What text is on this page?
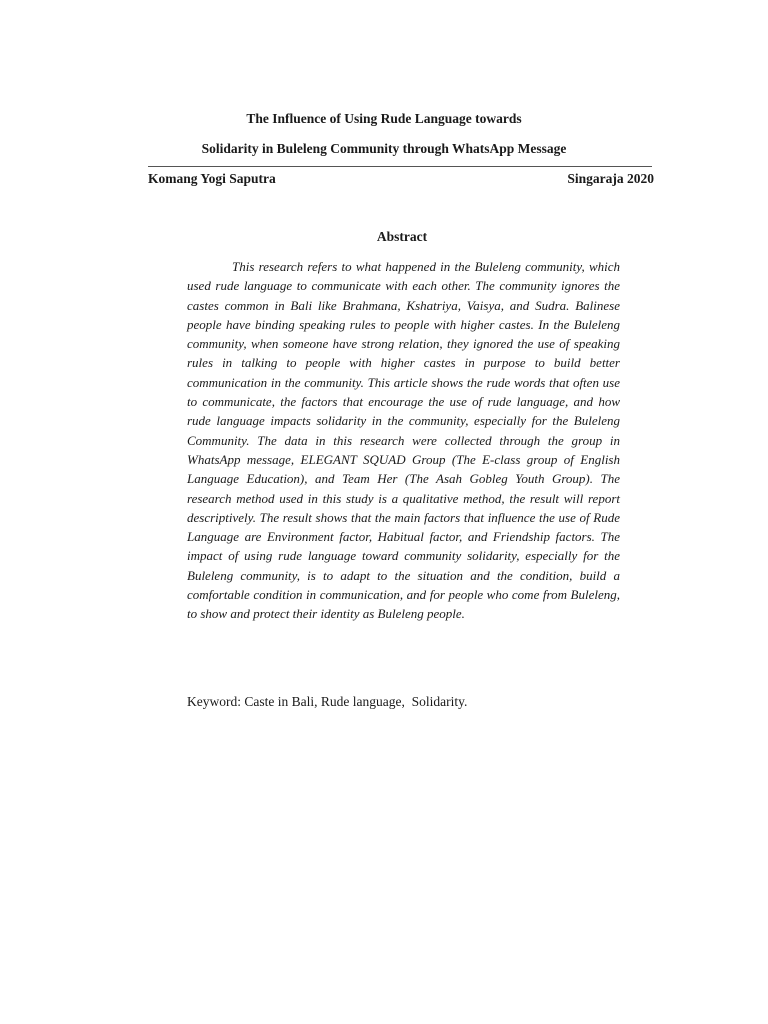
The Influence of Using Rude Language towards
Solidarity in Buleleng Community through WhatsApp Message
Komang Yogi Saputra	Singaraja 2020
Abstract

This research refers to what happened in the Buleleng community, which used rude language to communicate with each other. The community ignores the castes common in Bali like Brahmana, Kshatriya, Vaisya, and Sudra. Balinese people have binding speaking rules to people with higher castes. In the Buleleng community, when someone have strong relation, they ignored the use of speaking rules in talking to people with higher castes in purpose to build better communication in the community. This article shows the rude words that often use to communicate, the factors that encourage the use of rude language, and how rude language impacts solidarity in the community, especially for the Buleleng Community. The data in this research were collected through the group in WhatsApp message, ELEGANT SQUAD Group (The E-class group of English Language Education), and Team Her (The Asah Gobleg Youth Group). The research method used in this study is a qualitative method, the result will report descriptively. The result shows that the main factors that influence the use of Rude Language are Environment factor, Habitual factor, and Friendship factors. The impact of using rude language toward community solidarity, especially for the Buleleng community, is to adapt to the situation and the condition, build a comfortable condition in communication, and for people who come from Buleleng, to show and protect their identity as Buleleng people.

Keyword: Caste in Bali, Rude language,  Solidarity.
